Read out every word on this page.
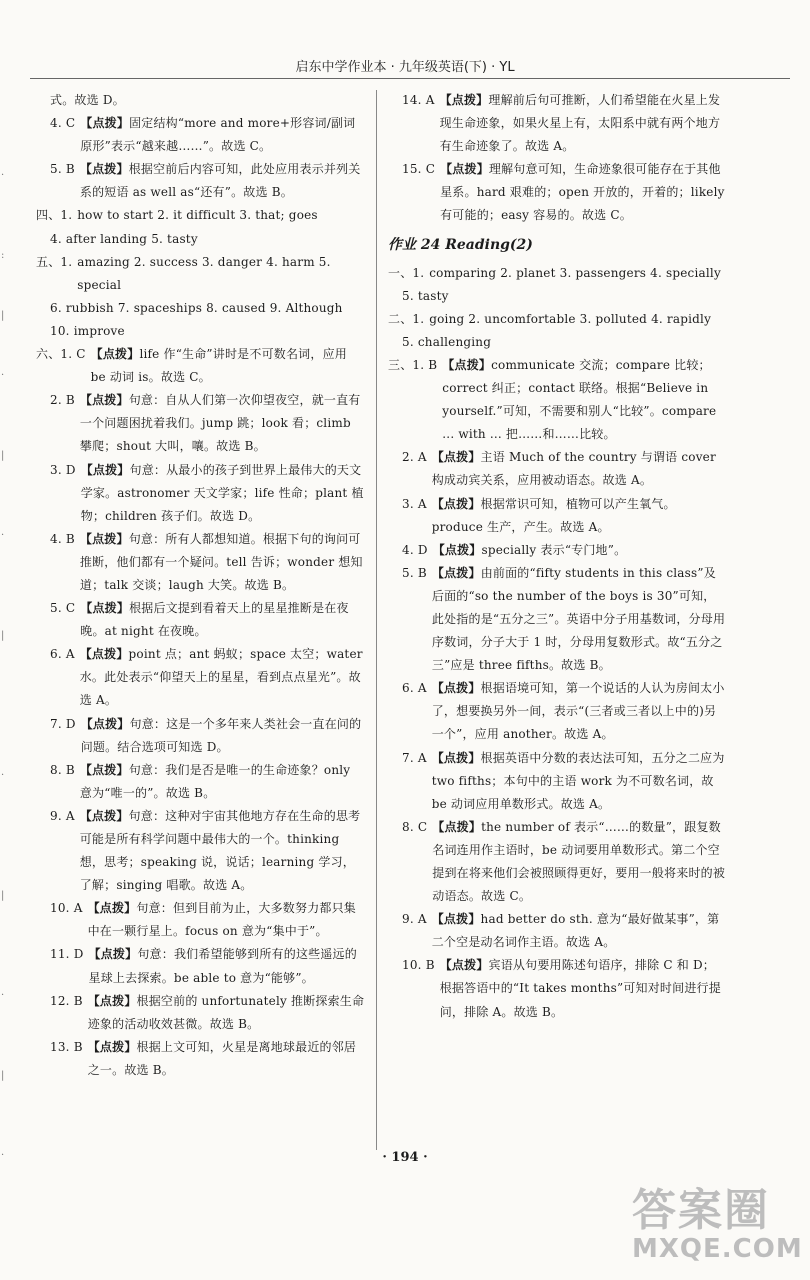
启东中学作业本 · 九年级英语(下) · YL
·
:
|
·
|
·
|
·
|
·
|
·
式。故选 D。
4. C 【点拨】固定结构“more and more+形容词/副词原形”表示“越来越……”。故选 C。
5. B 【点拨】根据空前后内容可知，此处应用表示并列关系的短语 as well as“还有”。故选 B。
四、1. how to start 2. it difficult 3. that; goes
4. after landing 5. tasty
五、1. amazing 2. success 3. danger 4. harm 5. special
6. rubbish 7. spaceships 8. caused 9. Although
10. improve
六、1. C 【点拨】life 作“生命”讲时是不可数名词，应用 be 动词 is。故选 C。
2. B 【点拨】句意：自从人们第一次仰望夜空，就一直有一个问题困扰着我们。jump 跳；look 看；climb 攀爬；shout 大叫，嚷。故选 B。
3. D 【点拨】句意：从最小的孩子到世界上最伟大的天文学家。astronomer 天文学家；life 性命；plant 植物；children 孩子们。故选 D。
4. B 【点拨】句意：所有人都想知道。根据下句的询问可推断，他们都有一个疑问。tell 告诉；wonder 想知道；talk 交谈；laugh 大笑。故选 B。
5. C 【点拨】根据后文提到看着天上的星星推断是在夜晚。at night 在夜晚。
6. A 【点拨】point 点；ant 蚂蚁；space 太空；water 水。此处表示“仰望天上的星星，看到点点星光”。故选 A。
7. D 【点拨】句意：这是一个多年来人类社会一直在问的问题。结合选项可知选 D。
8. B 【点拨】句意：我们是否是唯一的生命迹象？only 意为“唯一的”。故选 B。
9. A 【点拨】句意：这种对宇宙其他地方存在生命的思考可能是所有科学问题中最伟大的一个。thinking 想，思考；speaking 说，说话；learning 学习，了解；singing 唱歌。故选 A。
10. A 【点拨】句意：但到目前为止，大多数努力都只集中在一颗行星上。focus on 意为“集中于”。
11. D 【点拨】句意：我们希望能够到所有的这些遥远的星球上去探索。be able to 意为“能够”。
12. B 【点拨】根据空前的 unfortunately 推断探索生命迹象的活动收效甚微。故选 B。
13. B 【点拨】根据上文可知，火星是离地球最近的邻居之一。故选 B。
14. A 【点拨】理解前后句可推断，人们希望能在火星上发现生命迹象，如果火星上有，太阳系中就有两个地方有生命迹象了。故选 A。
15. C 【点拨】理解句意可知，生命迹象很可能存在于其他星系。hard 艰难的；open 开放的，开着的；likely 有可能的；easy 容易的。故选 C。
作业 24 Reading(2)
一、1. comparing 2. planet 3. passengers 4. specially
5. tasty
二、1. going 2. uncomfortable 3. polluted 4. rapidly
5. challenging
三、1. B 【点拨】communicate 交流；compare 比较；correct 纠正；contact 联络。根据“Believe in yourself.”可知，不需要和别人“比较”。compare ... with ... 把……和……比较。
2. A 【点拨】主语 Much of the country 与谓语 cover 构成动宾关系，应用被动语态。故选 A。
3. A 【点拨】根据常识可知，植物可以产生氧气。produce 生产，产生。故选 A。
4. D 【点拨】specially 表示“专门地”。
5. B 【点拨】由前面的“fifty students in this class”及后面的“so the number of the boys is 30”可知，此处指的是“五分之三”。英语中分子用基数词，分母用序数词，分子大于 1 时，分母用复数形式。故“五分之三”应是 three fifths。故选 B。
6. A 【点拨】根据语境可知，第一个说话的人认为房间太小了，想要换另外一间，表示“(三者或三者以上中的)另一个”，应用 another。故选 A。
7. A 【点拨】根据英语中分数的表达法可知，五分之二应为 two fifths；本句中的主语 work 为不可数名词，故 be 动词应用单数形式。故选 A。
8. C 【点拨】the number of 表示“……的数量”，跟复数名词连用作主语时，be 动词要用单数形式。第二个空提到在将来他们会被照顾得更好，要用一般将来时的被动语态。故选 C。
9. A 【点拨】had better do sth. 意为“最好做某事”，第二个空是动名词作主语。故选 A。
10. B 【点拨】宾语从句要用陈述句语序，排除 C 和 D；根据答语中的“It takes months”可知对时间进行提问，排除 A。故选 B。
· 194 ·
答案圈
MXQE.COM
